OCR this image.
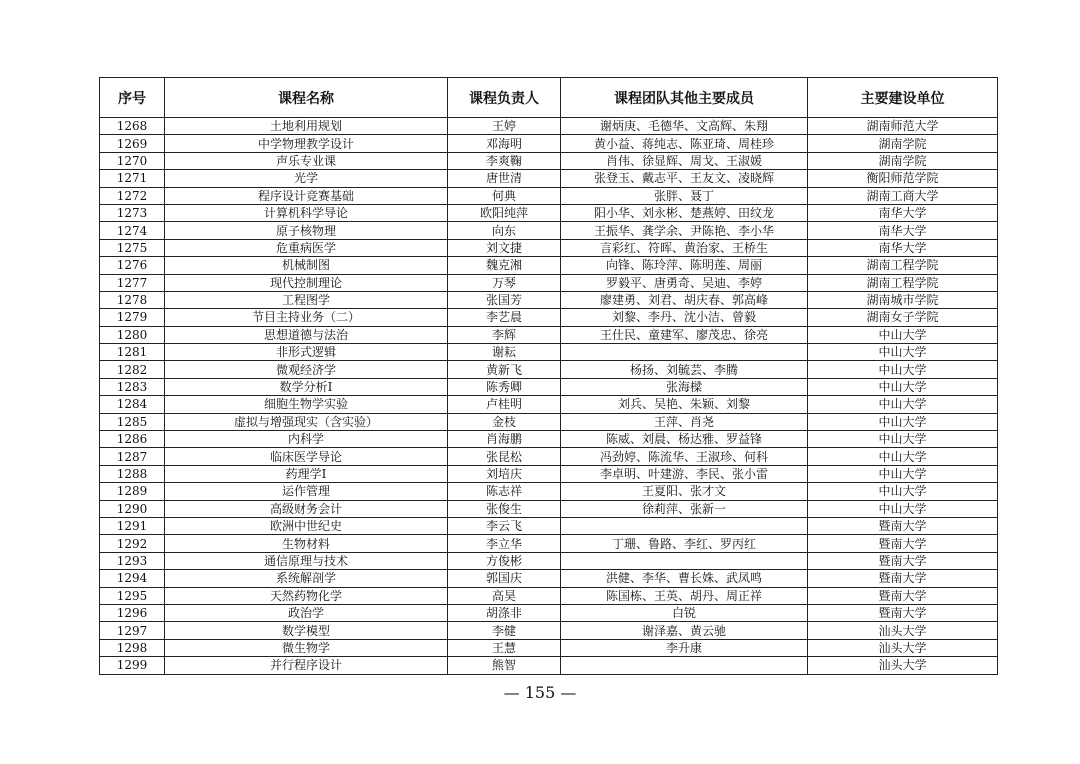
序号	课程名称	课程负责人	课程团队其他主要成员	主要建设单位
1268	土地利用规划	王婷	谢炳庚、毛德华、文高辉、朱翔	湖南师范大学
1269	中学物理教学设计	邓海明	黄小益、蒋纯志、陈亚琦、周桂珍	湖南学院
1270	声乐专业课	李爽鞠	肖伟、徐显辉、周戈、王淑媛	湖南学院
1271	光学	唐世清	张登玉、戴志平、王友文、凌晓辉	衡阳师范学院
1272	程序设计竞赛基础	何典	张胖、聂丁	湖南工商大学
1273	计算机科学导论	欧阳纯萍	阳小华、刘永彬、楚燕婷、田纹龙	南华大学
1274	原子核物理	向东	王振华、龚学余、尹陈艳、李小华	南华大学
1275	危重病医学	刘文捷	言彩红、符晖、黄治家、王桥生	南华大学
1276	机械制图	魏克湘	向锋、陈玲萍、陈明莲、周丽	湖南工程学院
1277	现代控制理论	万琴	罗毅平、唐勇奇、吴迪、李婷	湖南工程学院
1278	工程图学	张国芳	廖建勇、刘君、胡庆春、郭高峰	湖南城市学院
1279	节目主持业务（二）	李艺晨	刘黎、李丹、沈小洁、曾毅	湖南女子学院
1280	思想道德与法治	李辉	王仕民、童建军、廖茂忠、徐亮	中山大学
1281	非形式逻辑	谢耘		中山大学
1282	微观经济学	黄新飞	杨扬、刘毓芸、李腾	中山大学
1283	数学分析I	陈秀卿	张海樑	中山大学
1284	细胞生物学实验	卢桂明	刘兵、吴艳、朱颖、刘黎	中山大学
1285	虚拟与增强现实（含实验）	金枝	王萍、肖尧	中山大学
1286	内科学	肖海鹏	陈威、刘晨、杨达雅、罗益锋	中山大学
1287	临床医学导论	张昆松	冯劲婷、陈流华、王淑珍、何科	中山大学
1288	药理学I	刘培庆	李卓明、叶建游、李民、张小雷	中山大学
1289	运作管理	陈志祥	王夏阳、张才文	中山大学
1290	高级财务会计	张俊生	徐莉萍、张新一	中山大学
1291	欧洲中世纪史	李云飞		暨南大学
1292	生物材料	李立华	丁珊、鲁路、李红、罗丙红	暨南大学
1293	通信原理与技术	方俊彬		暨南大学
1294	系统解剖学	郭国庆	洪健、李华、曹长姝、武凤鸣	暨南大学
1295	天然药物化学	高昊	陈国栋、王英、胡丹、周正祥	暨南大学
1296	政治学	胡涤非	白锐	暨南大学
1297	数学模型	李健	谢泽嘉、黄云驰	汕头大学
1298	微生物学	王慧	李升康	汕头大学
1299	并行程序设计	熊智		汕头大学
— 155 —
